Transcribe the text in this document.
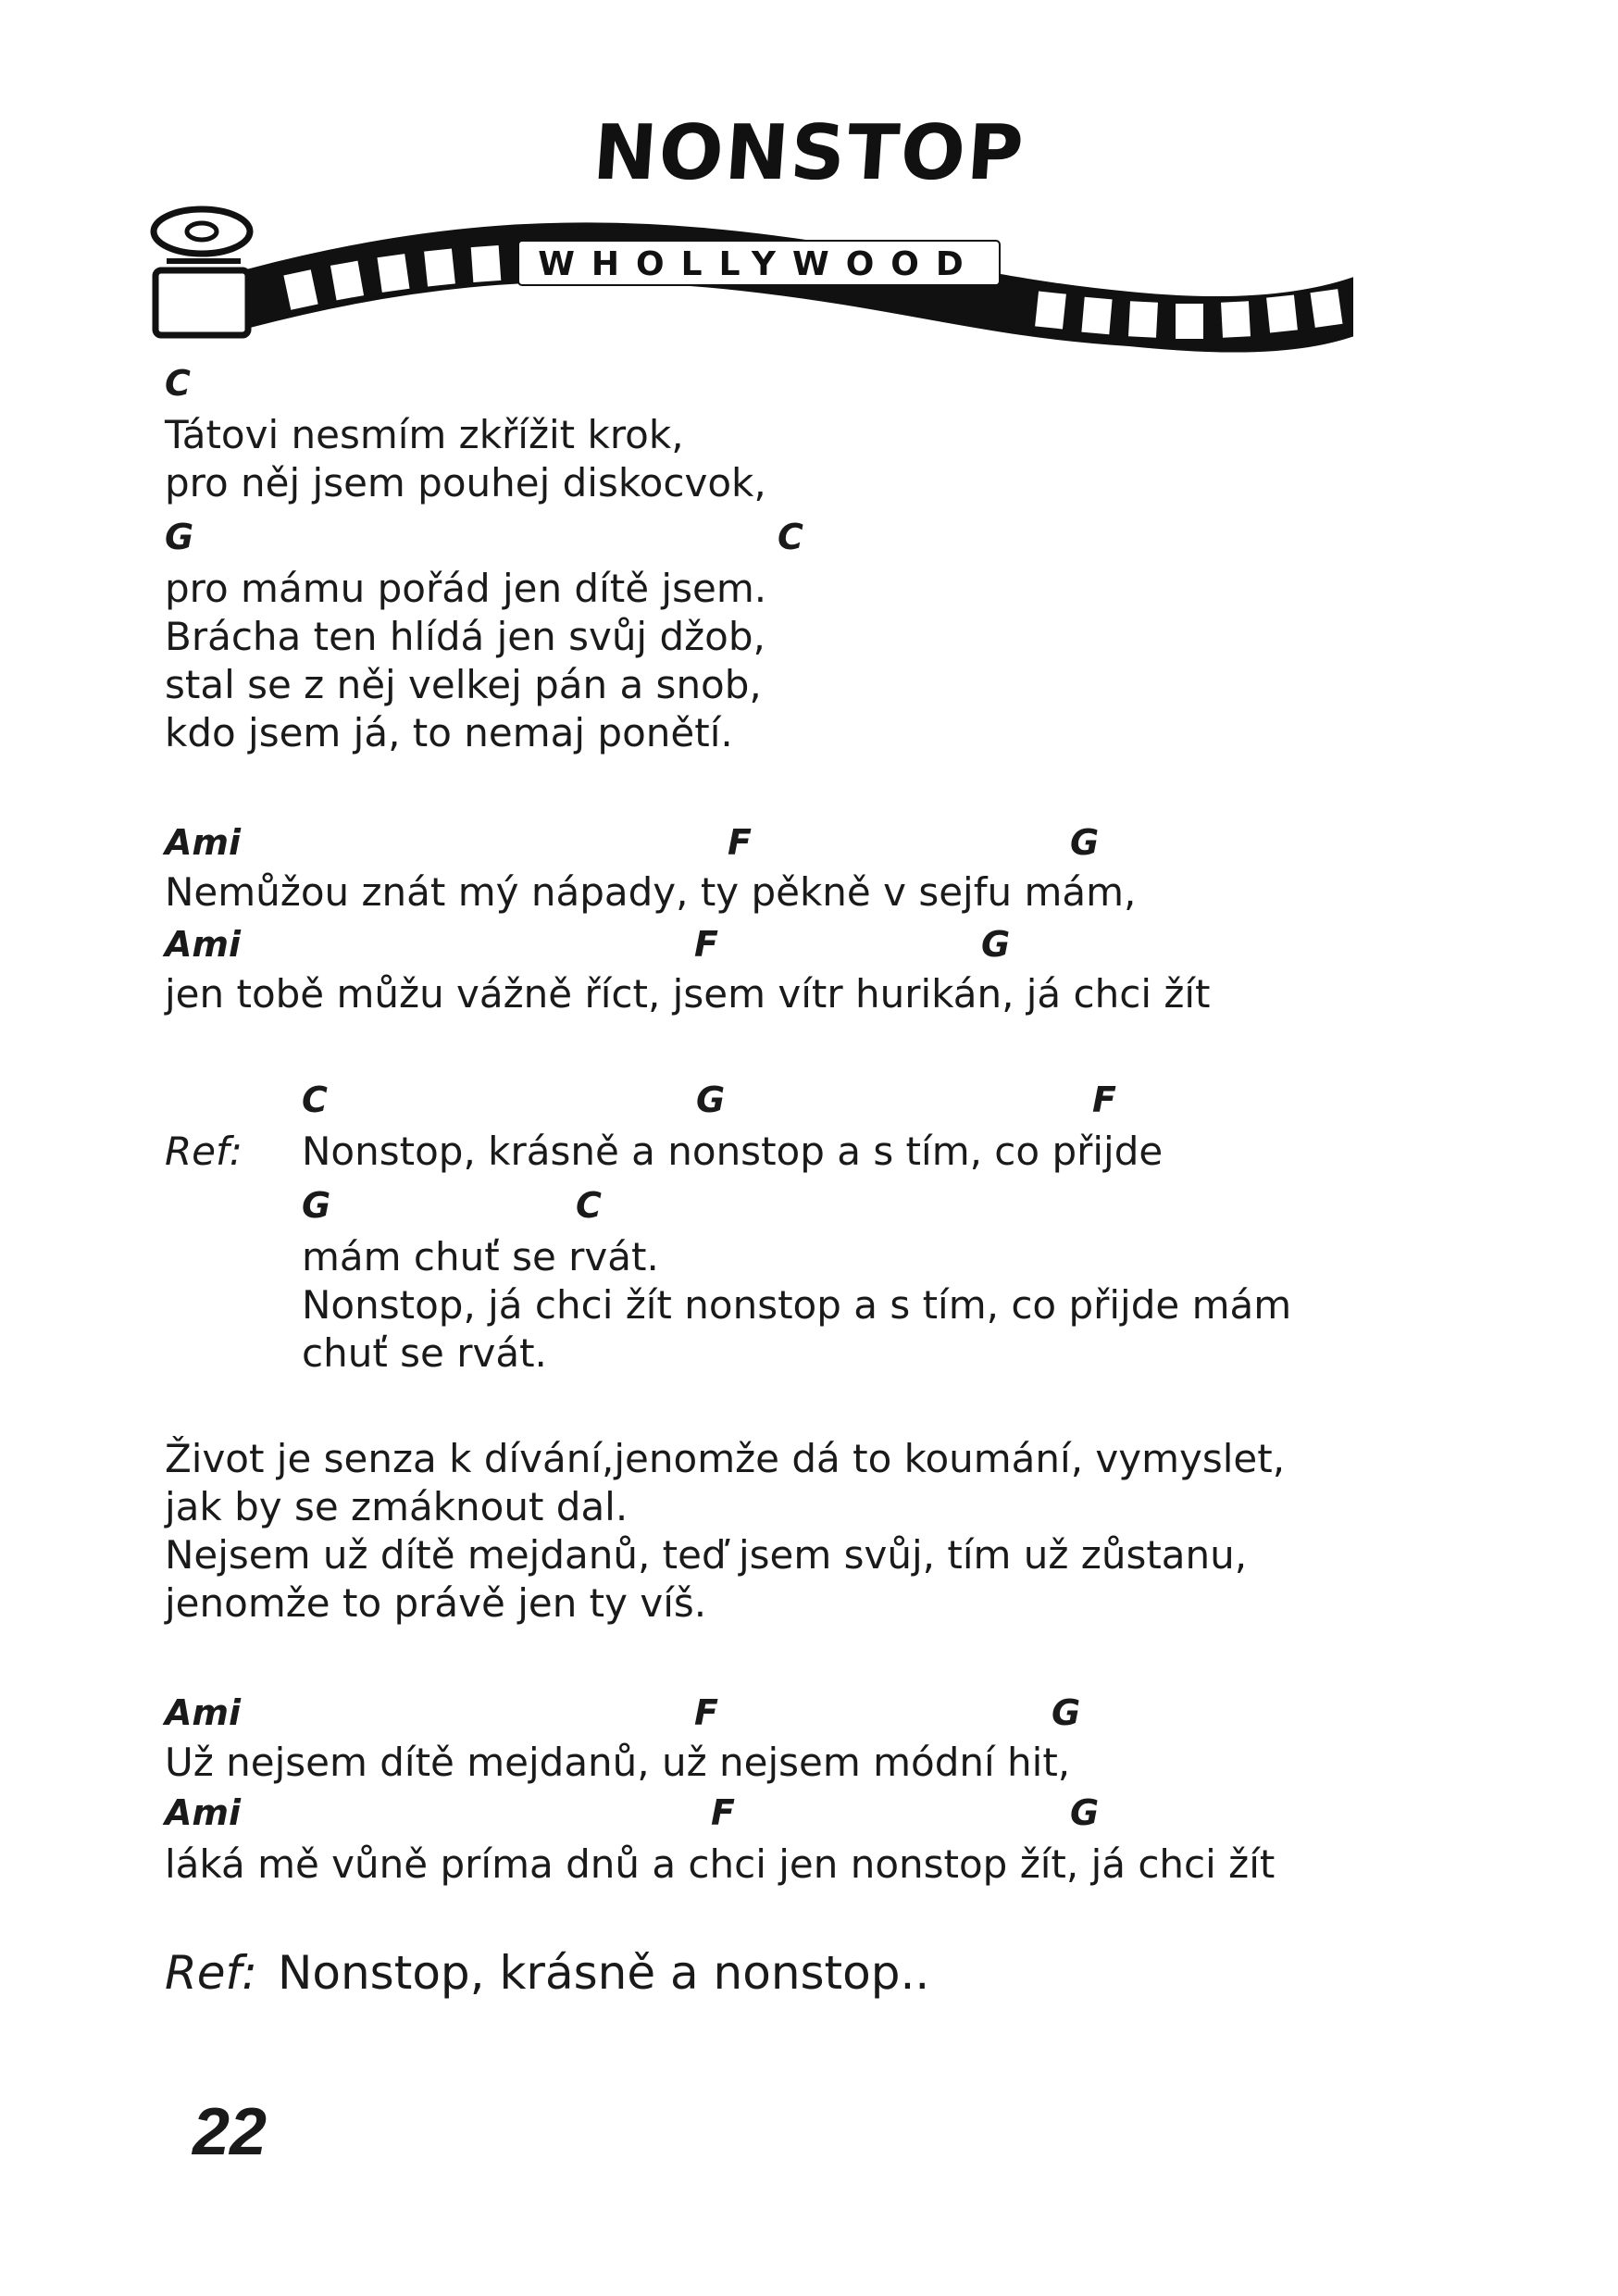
NONSTOP
WHOLLYWOOD
C
Tátovi nesmím zkřížit krok,
pro něj jsem pouhej diskocvok,
G	C
pro mámu pořád jen dítě jsem.
Brácha ten hlídá jen svůj džob,
stal se z něj velkej pán a snob,
kdo jsem já, to nemaj ponětí.
Ami	F	G
Nemůžou znát mý nápady, ty pěkně v sejfu mám,
Ami	F	G
jen tobě můžu vážně říct, jsem vítr hurikán, já chci žít
C	G	F
Ref: Nonstop, krásně a nonstop a s tím, co přijde
G	C
mám chuť se rvát.
Nonstop, já chci žít nonstop a s tím, co přijde mám
chuť se rvát.
Život je senza k dívání,jenomže dá to koumání, vymyslet,
jak by se zmáknout dal.
Nejsem už dítě mejdanů, teď jsem svůj, tím už zůstanu,
jenomže to právě jen ty víš.
Ami	F	G
Už nejsem dítě mejdanů, už nejsem módní hit,
Ami	F	G
láká mě vůně príma dnů a chci jen nonstop žít, já chci žít
Ref: Nonstop, krásně a nonstop..
22
